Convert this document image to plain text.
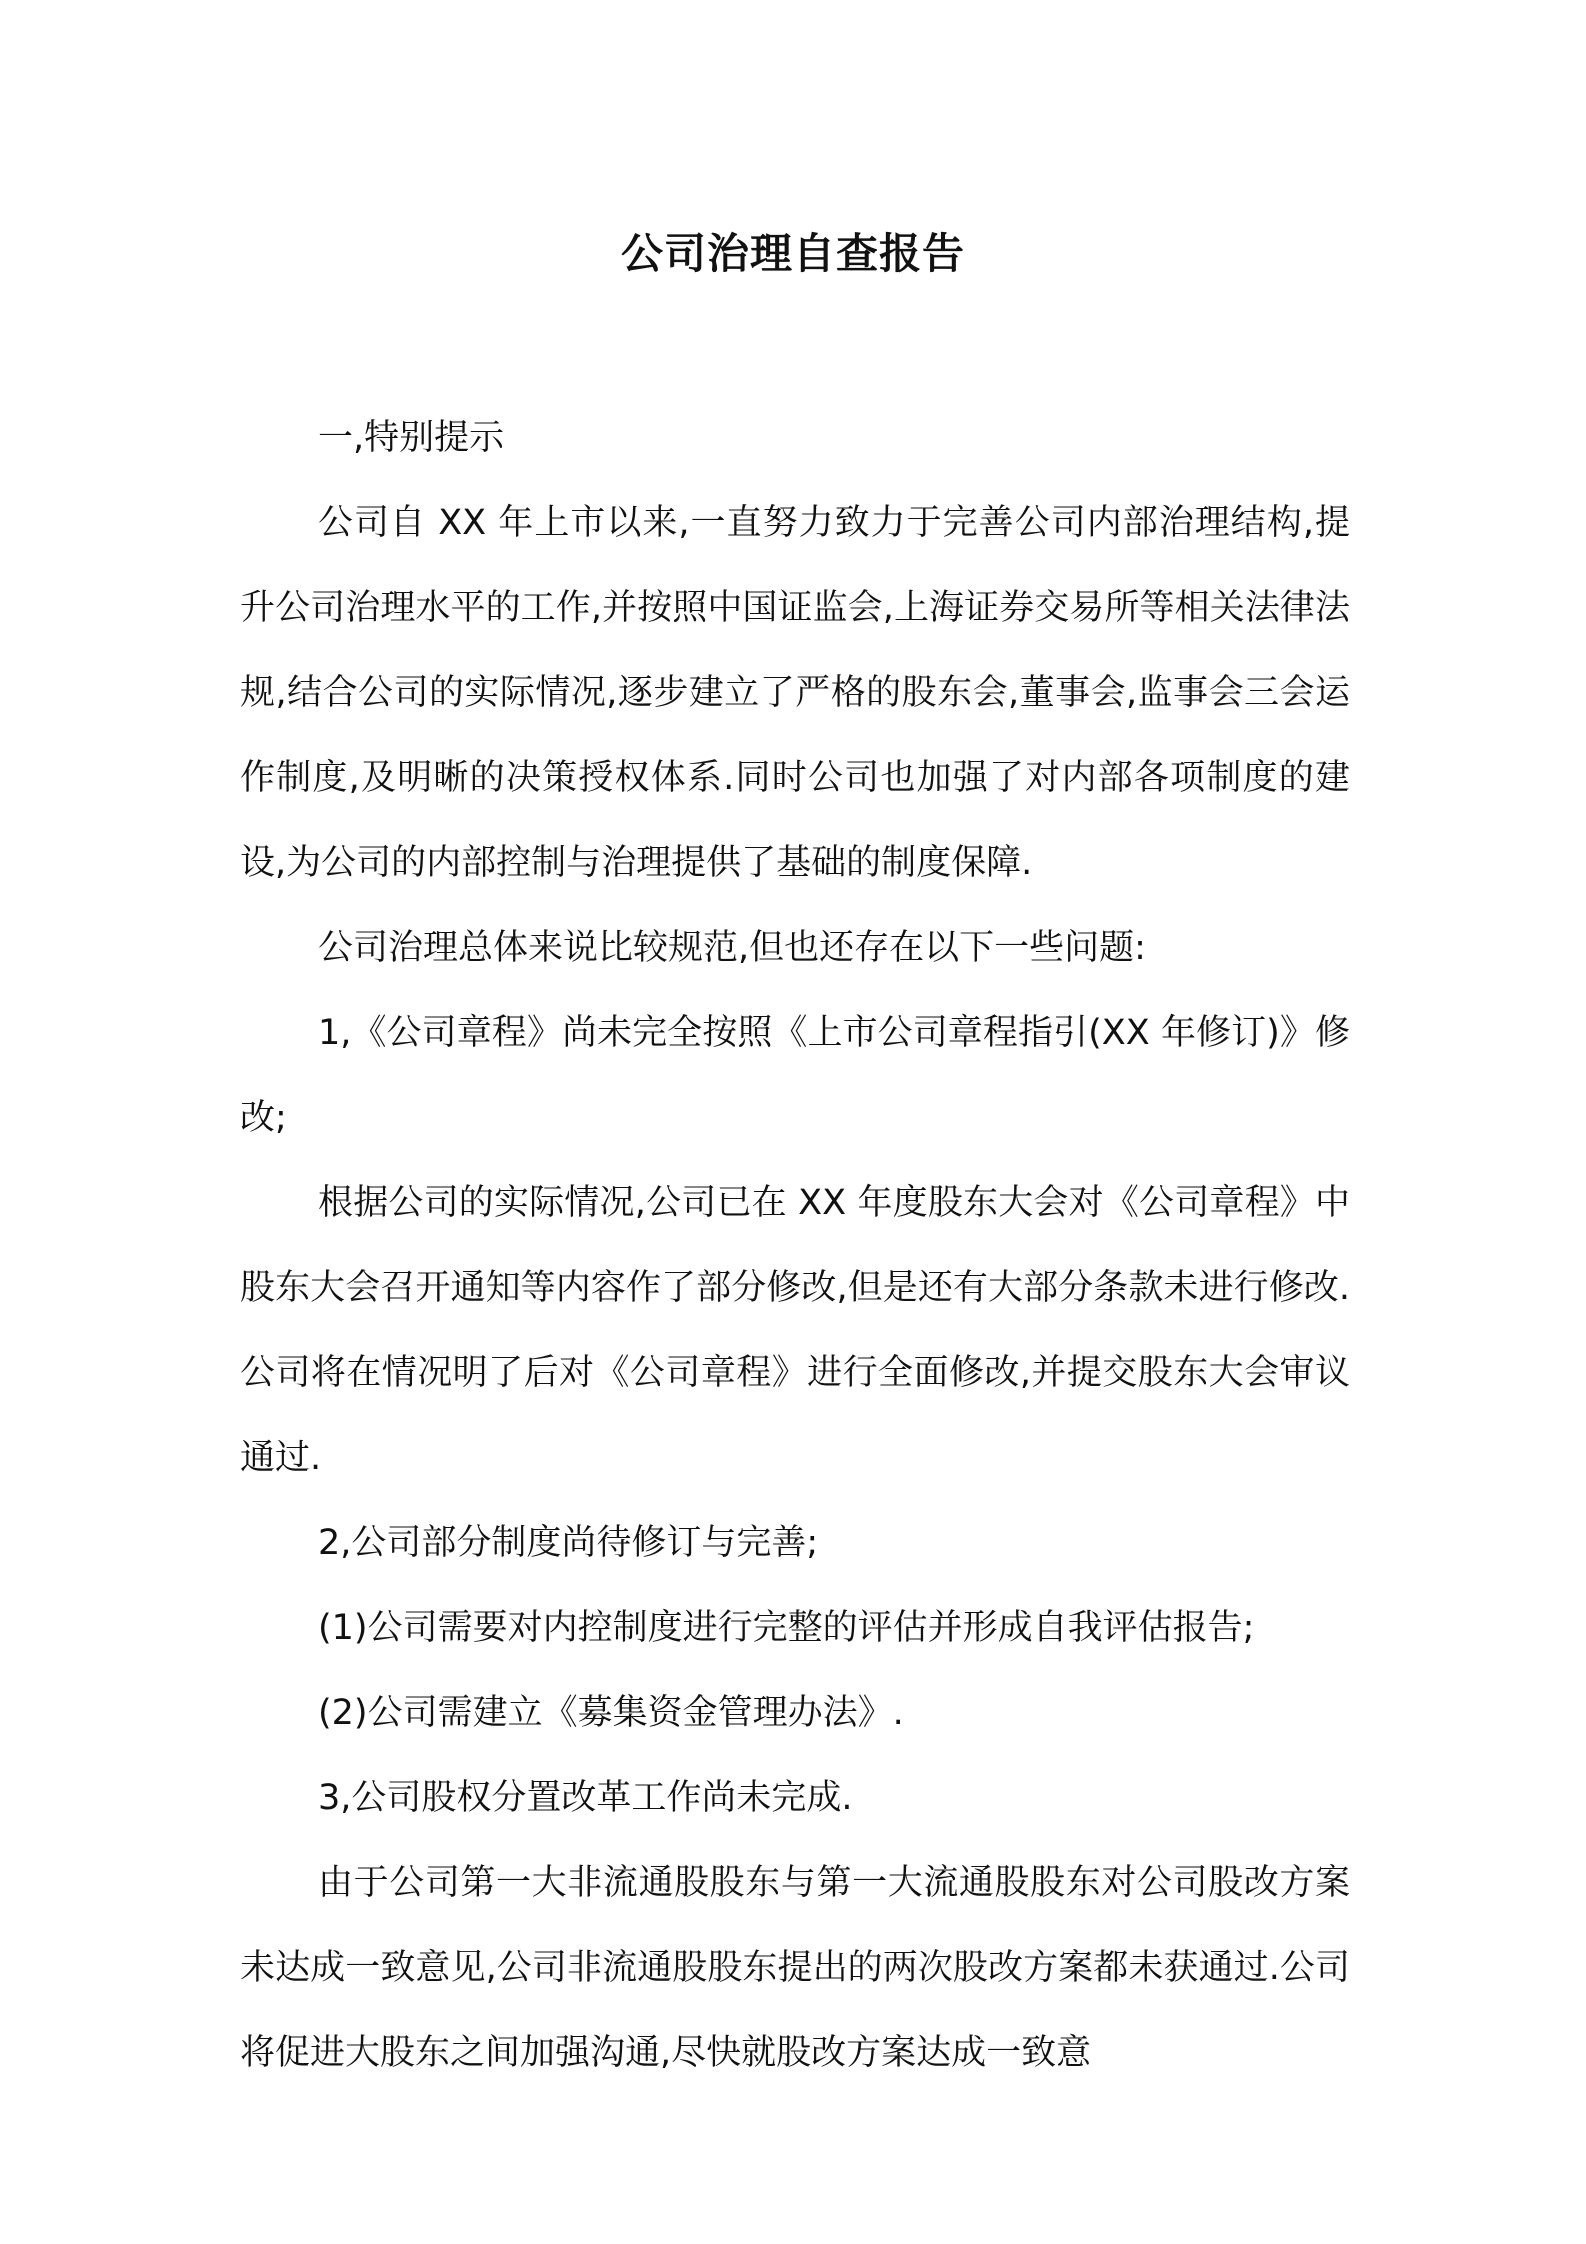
公司治理自查报告

一,特别提示

公司自 XX 年上市以来,一直努力致力于完善公司内部治理结构,提升公司治理水平的工作,并按照中国证监会,上海证券交易所等相关法律法规,结合公司的实际情况,逐步建立了严格的股东会,董事会,监事会三会运作制度,及明晰的决策授权体系.同时公司也加强了对内部各项制度的建设,为公司的内部控制与治理提供了基础的制度保障.

公司治理总体来说比较规范,但也还存在以下一些问题:

1,《公司章程》尚未完全按照《上市公司章程指引(XX 年修订)》修改;

根据公司的实际情况,公司已在 XX 年度股东大会对《公司章程》中股东大会召开通知等内容作了部分修改,但是还有大部分条款未进行修改.公司将在情况明了后对《公司章程》进行全面修改,并提交股东大会审议通过.

2,公司部分制度尚待修订与完善;

(1)公司需要对内控制度进行完整的评估并形成自我评估报告;

(2)公司需建立《募集资金管理办法》.

3,公司股权分置改革工作尚未完成.

由于公司第一大非流通股股东与第一大流通股股东对公司股改方案未达成一致意见,公司非流通股股东提出的两次股改方案都未获通过.公司将促进大股东之间加强沟通,尽快就股改方案达成一致意
